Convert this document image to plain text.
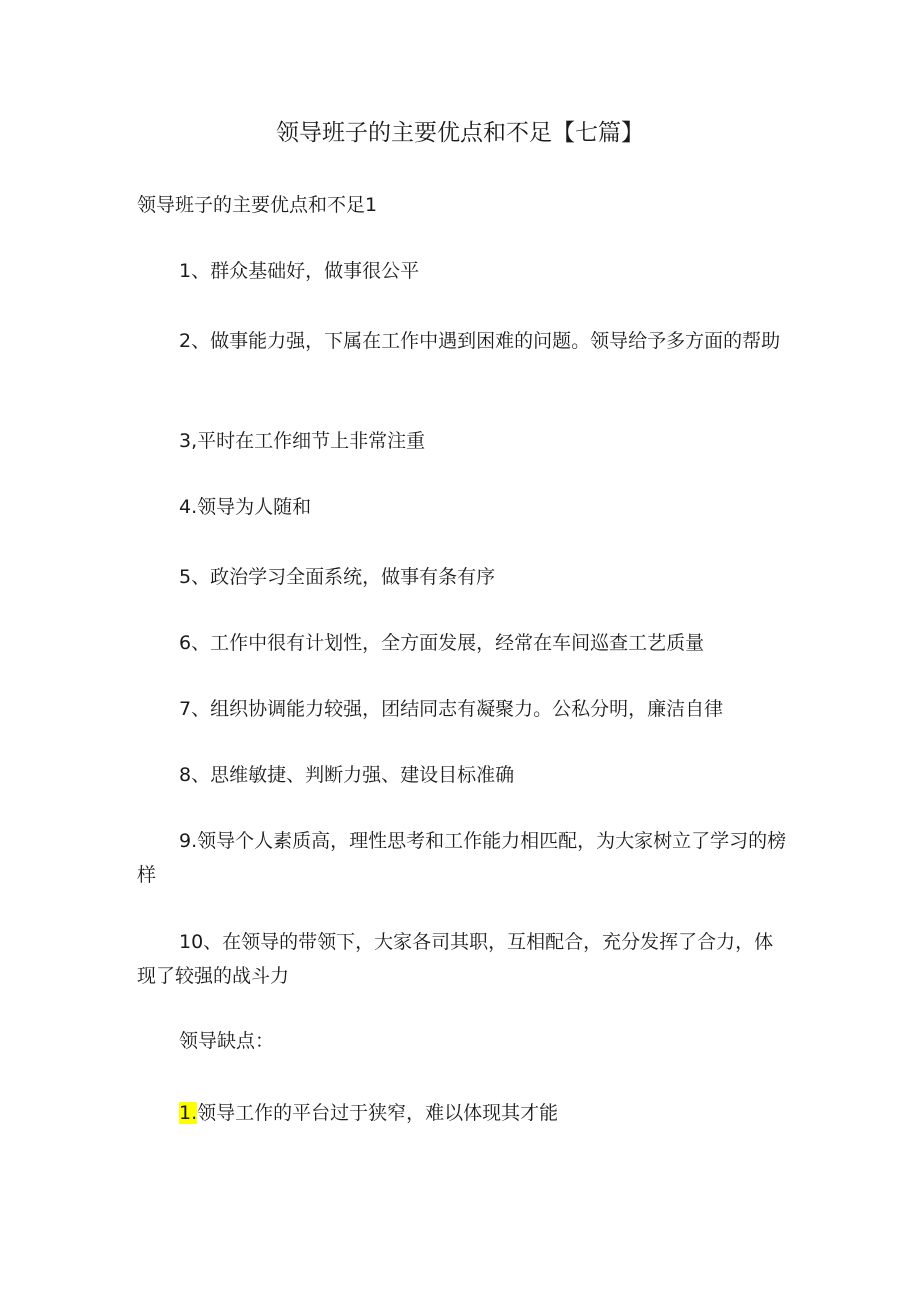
领导班子的主要优点和不足【七篇】
领导班子的主要优点和不足1
1、群众基础好，做事很公平
2、做事能力强，下属在工作中遇到困难的问题。领导给予多方面的帮助
3,平时在工作细节上非常注重
4.领导为人随和
5、政治学习全面系统，做事有条有序
6、工作中很有计划性，全方面发展，经常在车间巡查工艺质量
7、组织协调能力较强，团结同志有凝聚力。公私分明，廉洁自律
8、思维敏捷、判断力强、建设目标准确
9.领导个人素质高，理性思考和工作能力相匹配，为大家树立了学习的榜样
10、在领导的带领下，大家各司其职，互相配合，充分发挥了合力，体现了较强的战斗力
领导缺点：
1.领导工作的平台过于狭窄，难以体现其才能
